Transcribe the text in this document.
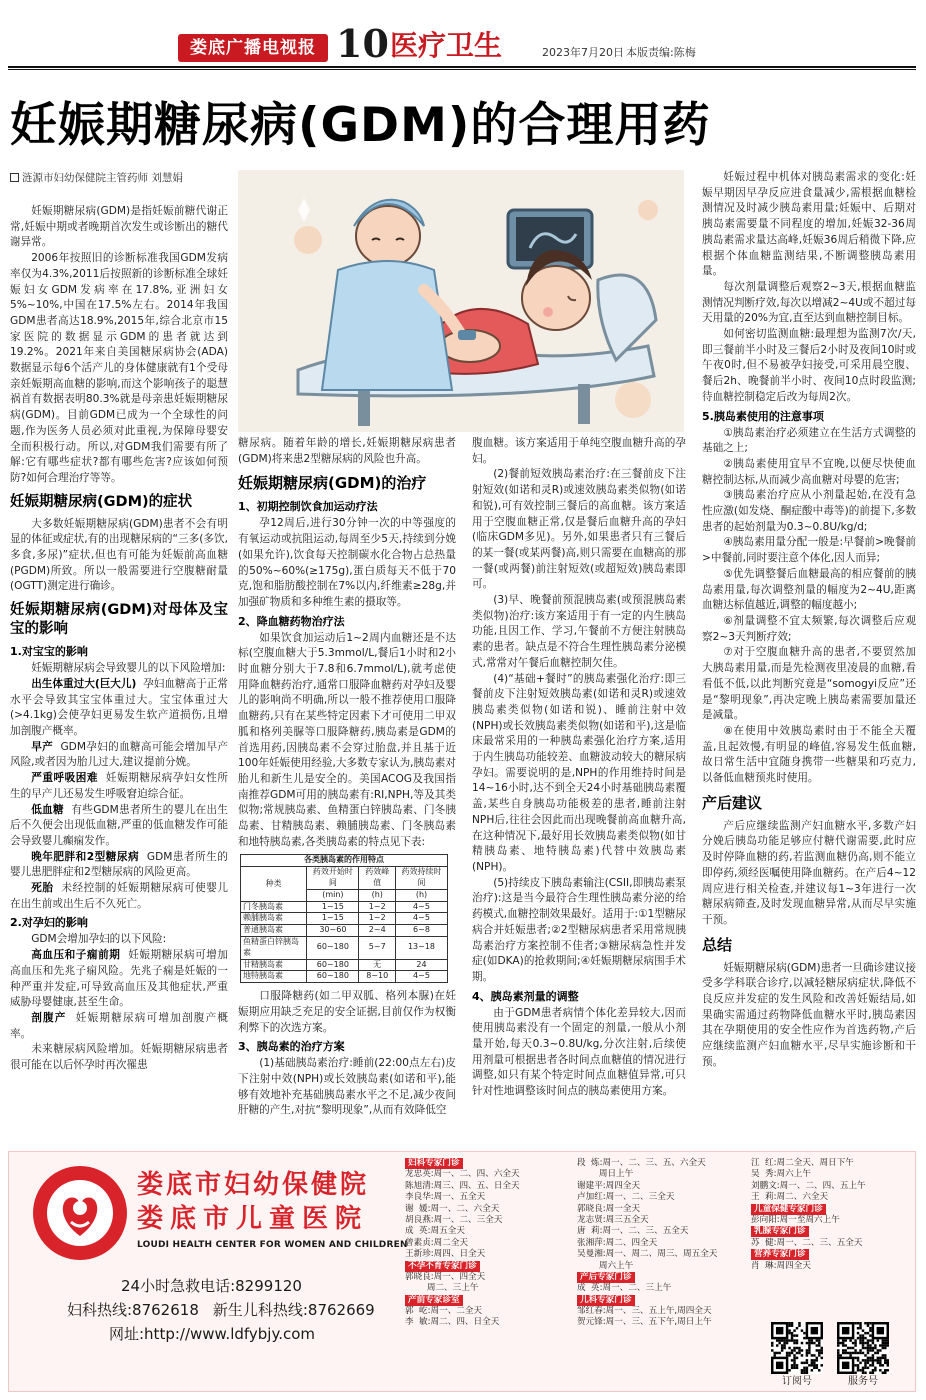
娄底广播电视报 10 医疗卫生	2023年7月20日 本版责编:陈梅
妊娠期糖尿病(GDM)的合理用药
涟源市妇幼保健院主管药师 刘慧娟

妊娠期糖尿病(GDM)是指妊娠前糖代谢正常,妊娠中期或者晚期首次发生或诊断出的糖代谢异常。

2006年按照旧的诊断标准我国GDM发病率仅为4.3%,2011后按照新的诊断标准全球妊娠妇女GDM发病率在17.8%,亚洲妇女5%~10%,中国在17.5%左右。2014年我国GDM患者高达18.9%,2015年,综合北京市15家医院的数据显示GDM的患者就达到19.2%。2021年来自美国糖尿病协会(ADA)数据显示每6个活产儿的身体健康就有1个受母亲妊娠期高血糖的影响,而这个影响孩子的聪慧祸首有数据表明80.3%就是母亲患妊娠期糖尿病(GDM)。目前GDM已成为一个全球性的问题,作为医务人员必须对此重视,为保障母婴安全而积极行动。所以,对GDM我们需要有所了解:它有哪些症状?都有哪些危害?应该如何预防?如何合理治疗等等。

妊娠期糖尿病(GDM)的症状

大多数妊娠期糖尿病(GDM)患者不会有明显的体征或症状,有的出现糖尿病的“三多(多饮,多食,多尿)”症状,但也有可能为妊娠前高血糖(PGDM)所致。所以一般需要进行空腹糖耐量(OGTT)测定进行确诊。

妊娠期糖尿病(GDM)对母体及宝宝的影响
1.对宝宝的影响

妊娠期糖尿病会导致婴儿的以下风险增加:

出生体重过大(巨大儿) 孕妇血糖高于正常水平会导致其宝宝体重过大。宝宝体重过大(>4.1kg)会使孕妇更易发生软产道损伤,且增加剖腹产概率。

早产 GDM孕妇的血糖高可能会增加早产风险,或者因为胎儿过大,建议提前分娩。

严重呼吸困难 妊娠期糖尿病孕妇女性所生的早产儿还易发生呼吸窘迫综合征。

低血糖 有些GDM患者所生的婴儿在出生后不久便会出现低血糖,严重的低血糖发作可能会导致婴儿癫痫发作。

晚年肥胖和2型糖尿病 GDM患者所生的婴儿患肥胖症和2型糖尿病的风险更高。

死胎 未经控制的妊娠期糖尿病可使婴儿在出生前或出生后不久死亡。

2.对孕妇的影响

GDM会增加孕妇的以下风险:

高血压和子痫前期 妊娠期糖尿病可增加高血压和先兆子痫风险。先兆子痫是妊娠的一种严重并发症,可导致高血压及其他症状,严重威胁母婴健康,甚至生命。

剖腹产 妊娠期糖尿病可增加剖腹产概率。

未来糖尿病风险增加。妊娠期糖尿病患者很可能在以后怀孕时再次罹患

糖尿病。随着年龄的增长,妊娠期糖尿病患者(GDM)将来患2型糖尿病的风险也升高。

妊娠期糖尿病(GDM)的治疗
1、初期控制饮食加运动疗法

孕12周后,进行30分钟一次的中等强度的有氧运动或抗阻运动,每周至少5天,持续到分娩(如果允许),饮食每天控制碳水化合物占总热量的50%~60%(≥175g),蛋白质每天不低于70克,饱和脂肪酸控制在7%以内,纤维素≥28g,并加强矿物质和多种维生素的摄取等。

2、降血糖药物治疗法

如果饮食加运动后1~2周内血糖还是不达标(空腹血糖大于5.3mmol/L,餐后1小时和2小时血糖分别大于7.8和6.7mmol/L),就考虑使用降血糖药治疗,通常口服降血糖药对孕妇及婴儿的影响尚不明确,所以一般不推荐使用口服降血糖药,只有在某些特定因素下才可使用二甲双胍和格列美脲等口服降糖药,胰岛素是GDM的首选用药,因胰岛素不会穿过胎盘,并且基于近100年妊娠使用经验,大多数专家认为,胰岛素对胎儿和新生儿是安全的。美国ACOG及我国指南推荐GDM可用的胰岛素有:RI,NPH,等及其类似物;常规胰岛素、鱼精蛋白锌胰岛素、门冬胰岛素、甘精胰岛素、赖脯胰岛素、门冬胰岛素和地特胰岛素,各类胰岛素的特点见下表:

各类胰岛素的作用特点			
种类	药效开始时间	药效峰值	药效持续时间
	(min)	(h)	(h)
门冬胰岛素	1~15	1~2	4~5
赖脯胰岛素	1~15	1~2	4~5
普通胰岛素	30~60	2~4	6~8
鱼精蛋白锌胰岛素	60~180	5~7	13~18
甘精胰岛素	60~180	无	24
地特胰岛素	60~180	8~10	4~5

口服降糖药(如二甲双胍、格列本脲)在妊娠期应用缺乏充足的安全证据,目前仅作为权衡利弊下的次选方案。

3、胰岛素的治疗方案

(1)基础胰岛素治疗:睡前(22:00点左右)皮下注射中效(NPH)或长效胰岛素(如诺和平),能够有效地补充基础胰岛素水平之不足,减少夜间肝糖的产生,对抗“黎明现象”,从而有效降低空

腹血糖。该方案适用于单纯空腹血糖升高的孕妇。

(2)餐前短效胰岛素治疗:在三餐前皮下注射短效(如诺和灵R)或速效胰岛素类似物(如诺和锐),可有效控制三餐后的高血糖。该方案适用于空腹血糖正常,仅是餐后血糖升高的孕妇(临床GDM多见)。另外,如果患者只有三餐后的某一餐(或某两餐)高,则只需要在血糖高的那一餐(或两餐)前注射短效(或超短效)胰岛素即可。

(3)早、晚餐前预混胰岛素(或预混胰岛素类似物)治疗:该方案适用于有一定的内生胰岛功能,且因工作、学习,午餐前不方便注射胰岛素的患者。缺点是不符合生理性胰岛素分泌模式,常常对午餐后血糖控制欠佳。

(4)“基础+餐时”的胰岛素强化治疗:即三餐前皮下注射短效胰岛素(如诺和灵R)或速效胰岛素类似物(如诺和锐)、睡前注射中效(NPH)或长效胰岛素类似物(如诺和平),这是临床最常采用的一种胰岛素强化治疗方案,适用于内生胰岛功能较差、血糖波动较大的糖尿病孕妇。需要说明的是,NPH的作用维持时间是14~16小时,达不到全天24小时基础胰岛素覆盖,某些自身胰岛功能极差的患者,睡前注射NPH后,往往会因此而出现晚餐前高血糖升高,在这种情况下,最好用长效胰岛素类似物(如甘精胰岛素、地特胰岛素)代替中效胰岛素(NPH)。

(5)持续皮下胰岛素输注(CSII,即胰岛素泵治疗):这是当今最符合生理性胰岛素分泌的给药模式,血糖控制效果最好。适用于:①1型糖尿病合并妊娠患者;②2型糖尿病患者采用常规胰岛素治疗方案控制不佳者;③糖尿病急性并发症(如DKA)的抢救期间;④妊娠期糖尿病围手术期。

4、胰岛素剂量的调整

由于GDM患者病情个体化差异较大,因而使用胰岛素没有一个固定的剂量,一般从小剂量开始,每天0.3~0.8U/kg,分次注射,后续使用剂量可根据患者各时间点血糖值的情况进行调整,如只有某个特定时间点血糖值异常,可只针对性地调整该时间点的胰岛素使用方案。

妊娠过程中机体对胰岛素需求的变化:妊娠早期因早孕反应进食量减少,需根据血糖检测情况及时减少胰岛素用量;妊娠中、后期对胰岛素需要量不同程度的增加,妊娠32-36周胰岛素需求量达高峰,妊娠36周后稍微下降,应根据个体血糖监测结果,不断调整胰岛素用量。

每次剂量调整后观察2~3天,根据血糖监测情况判断疗效,每次以增减2~4U或不超过每天用量的20%为宜,直至达到血糖控制目标。

如何密切监测血糖:最理想为监测7次/天,即三餐前半小时及三餐后2小时及夜间10时或午夜0时,但不易被孕妇接受,可采用晨空腹、餐后2h、晚餐前半小时、夜间10点时段监测;待血糖控制稳定后改为每周2次。

5.胰岛素使用的注意事项

①胰岛素治疗必须建立在生活方式调整的基础之上;

②胰岛素使用宜早不宜晚,以便尽快使血糖控制达标,从而减少高血糖对母婴的危害;

③胰岛素治疗应从小剂量起始,在没有急性应激(如发烧、酮症酸中毒等)的前提下,多数患者的起始剂量为0.3~0.8U/kg/d;

④胰岛素用量分配一般是:早餐前>晚餐前>中餐前,同时要注意个体化,因人而异;

⑤优先调整餐后血糖最高的相应餐前的胰岛素用量,每次调整剂量的幅度为2~4U,距离血糖达标值越近,调整的幅度越小;

⑥剂量调整不宜太频繁,每次调整后应观察2~3天判断疗效;

⑦对于空腹血糖升高的患者,不要贸然加大胰岛素用量,而是先检测夜里凌晨的血糖,看看低不低,以此判断究竟是“somogyi反应”还是“黎明现象”,再决定晚上胰岛素需要加量还是减量。

⑧在使用中效胰岛素时由于不能全天覆盖,且起效慢,有明显的峰值,容易发生低血糖,故日常生活中宜随身携带一些糖果和巧克力,以备低血糖预兆时使用。

产后建议

产后应继续监测产妇血糖水平,多数产妇分娩后胰岛功能足够应付糖代谢需要,此时应及时停降血糖的药,若监测血糖仍高,则不能立即停药,须经医嘱使用降血糖药。在产后4~12周应进行相关检查,并建议每1~3年进行一次糖尿病筛查,及时发现血糖异常,从而尽早实施干预。

总结

妊娠期糖尿病(GDM)患者一旦确诊建议接受多学科联合诊疗,以减轻糖尿病症状,降低不良反应并发症的发生风险和改善妊娠结局,如果确实需通过药物降低血糖水平时,胰岛素因其在孕期使用的安全性应作为首选药物,产后应继续监测产妇血糖水平,尽早实施诊断和干预。

娄底市妇幼保健院
娄底市儿童医院
LOUDI HEALTH CENTER FOR WOMEN AND CHILDREN
24小时急救电话:8299120
妇科热线:8762618 新生儿科热线:8762669
网址:http://www.ldfybjy.com
妇科专家门诊
龙忠英:周一、二、四、六全天
陈旭清:周三、四、五、日全天
李良华:周一、五全天
谢  媛:周一、二、六全天
胡良燕:周一、二、三全天
成  英:周五全天
曾素贞:周二全天
王新珍:周四、日全天
不孕不育专家门诊
郭晓良:周一、四全天
周二、三上午
产前专家诊室
郭  屹:周一、二全天
李  敏:周二、四、日全天
段  炼:周一、二、三、五、六全天
周日上午
谢建平:周四全天
卢加红:周一、二、三全天
郭晓良:周一全天
龙志贤:周三五全天
唐  莉:周一、二、三、五全天
张湘萍:周二、四全天
吴曼湘:周一、周二、周三、周五全天
周六上午
产后专家门诊
成  英:周一、二、三上午
儿科专家门诊
邹红春:周一、三、五上午,周四全天
贺元锋:周一、三、五下午,周日上午
江  红:周二全天、周日下午
吴  秀:周六上午
刘鹏文:周一、二、四、五上午
王  莉:周二、六全天
儿童保健专家门诊
彭向阳:周一至周六上午
乳腺专家门诊
苏  健:周一、二、三、五全天
营养专家门诊
肖  琳:周四全天
订阅号	服务号
